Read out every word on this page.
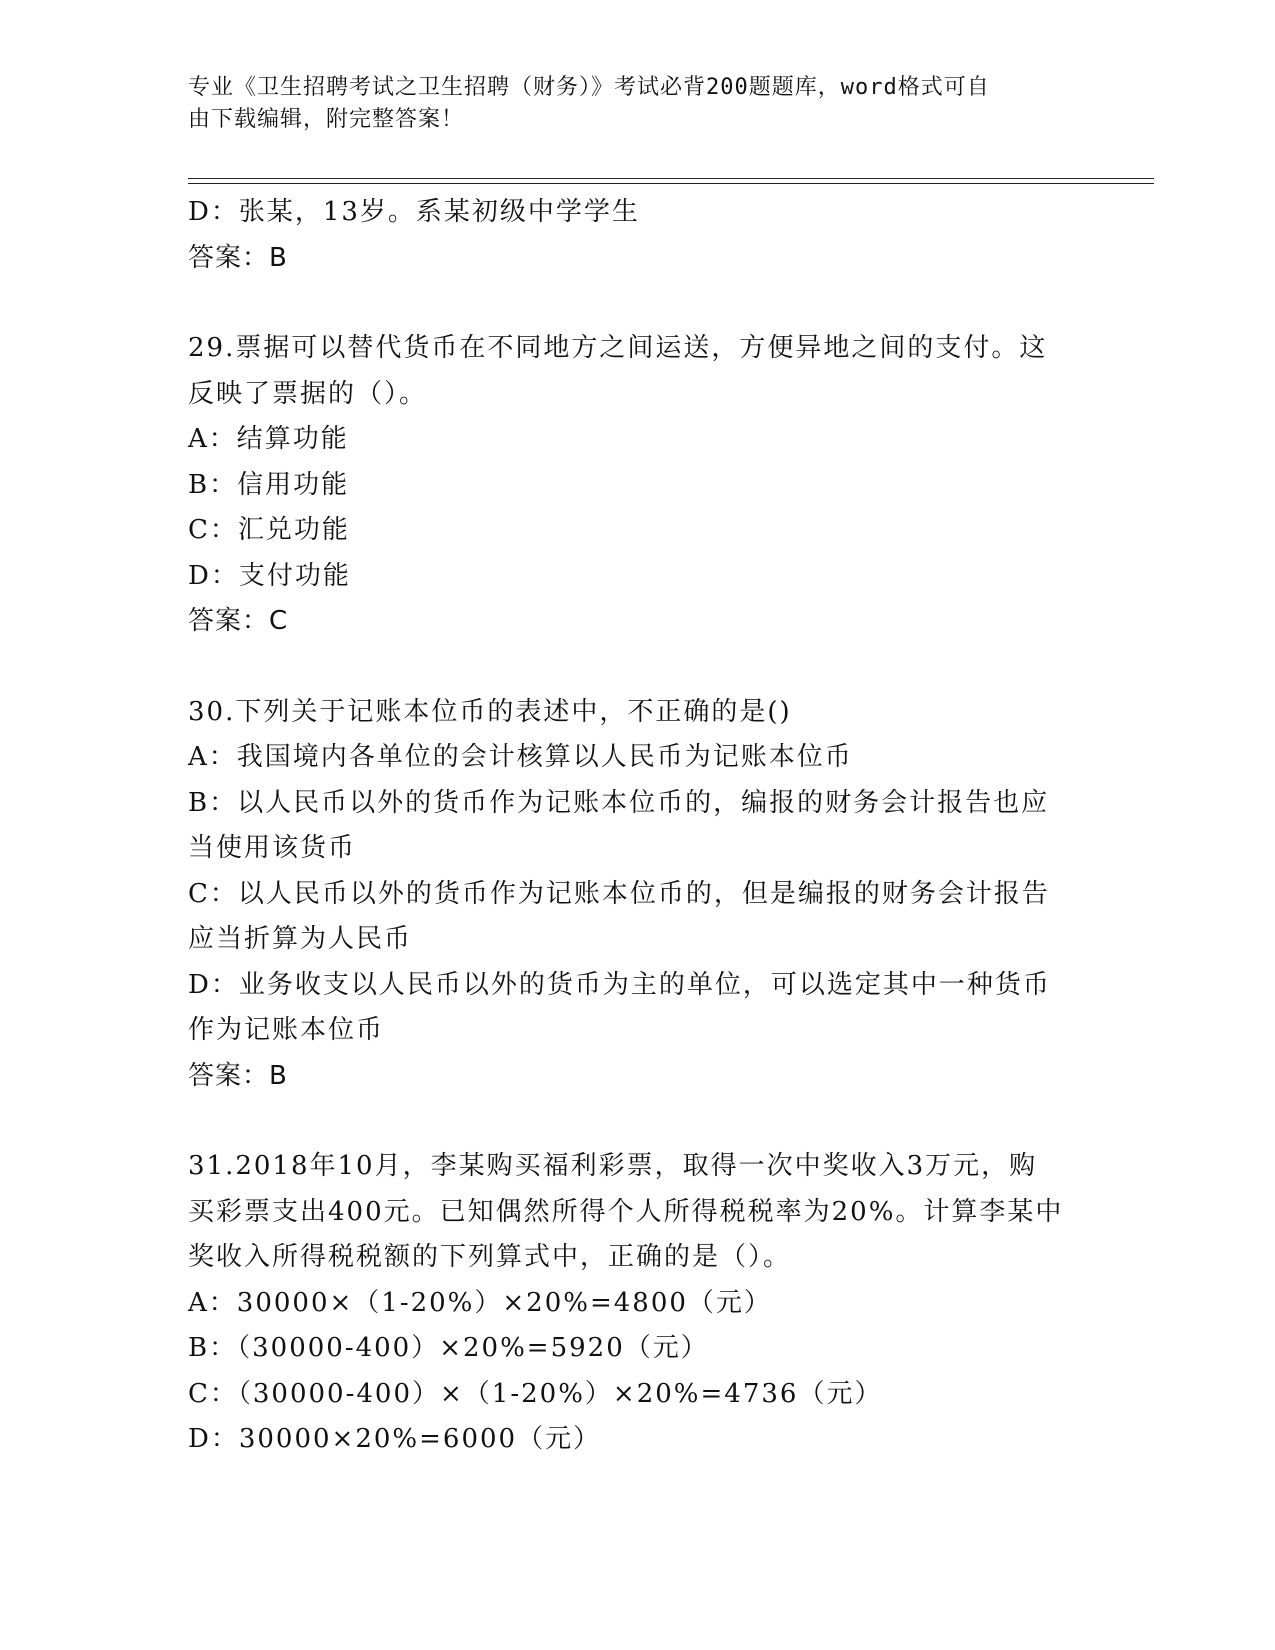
专业《卫生招聘考试之卫生招聘（财务）》考试必背200题题库，word格式可自
由下载编辑，附完整答案！
D：张某，13岁。系某初级中学学生
答案：B
29.票据可以替代货币在不同地方之间运送，方便异地之间的支付。这
反映了票据的（）。
A：结算功能
B：信用功能
C：汇兑功能
D：支付功能
答案：C
30.下列关于记账本位币的表述中，不正确的是()
A：我国境内各单位的会计核算以人民币为记账本位币
B：以人民币以外的货币作为记账本位币的，编报的财务会计报告也应
当使用该货币
C：以人民币以外的货币作为记账本位币的，但是编报的财务会计报告
应当折算为人民币
D：业务收支以人民币以外的货币为主的单位，可以选定其中一种货币
作为记账本位币
答案：B
31.2018年10月，李某购买福利彩票，取得一次中奖收入3万元，购
买彩票支出400元。已知偶然所得个人所得税税率为20%。计算李某中
奖收入所得税税额的下列算式中，正确的是（）。
A：30000×（1-20%）×20%=4800（元）
B：（30000-400）×20%=5920（元）
C：（30000-400）×（1-20%）×20%=4736（元）
D：30000×20%=6000（元）
